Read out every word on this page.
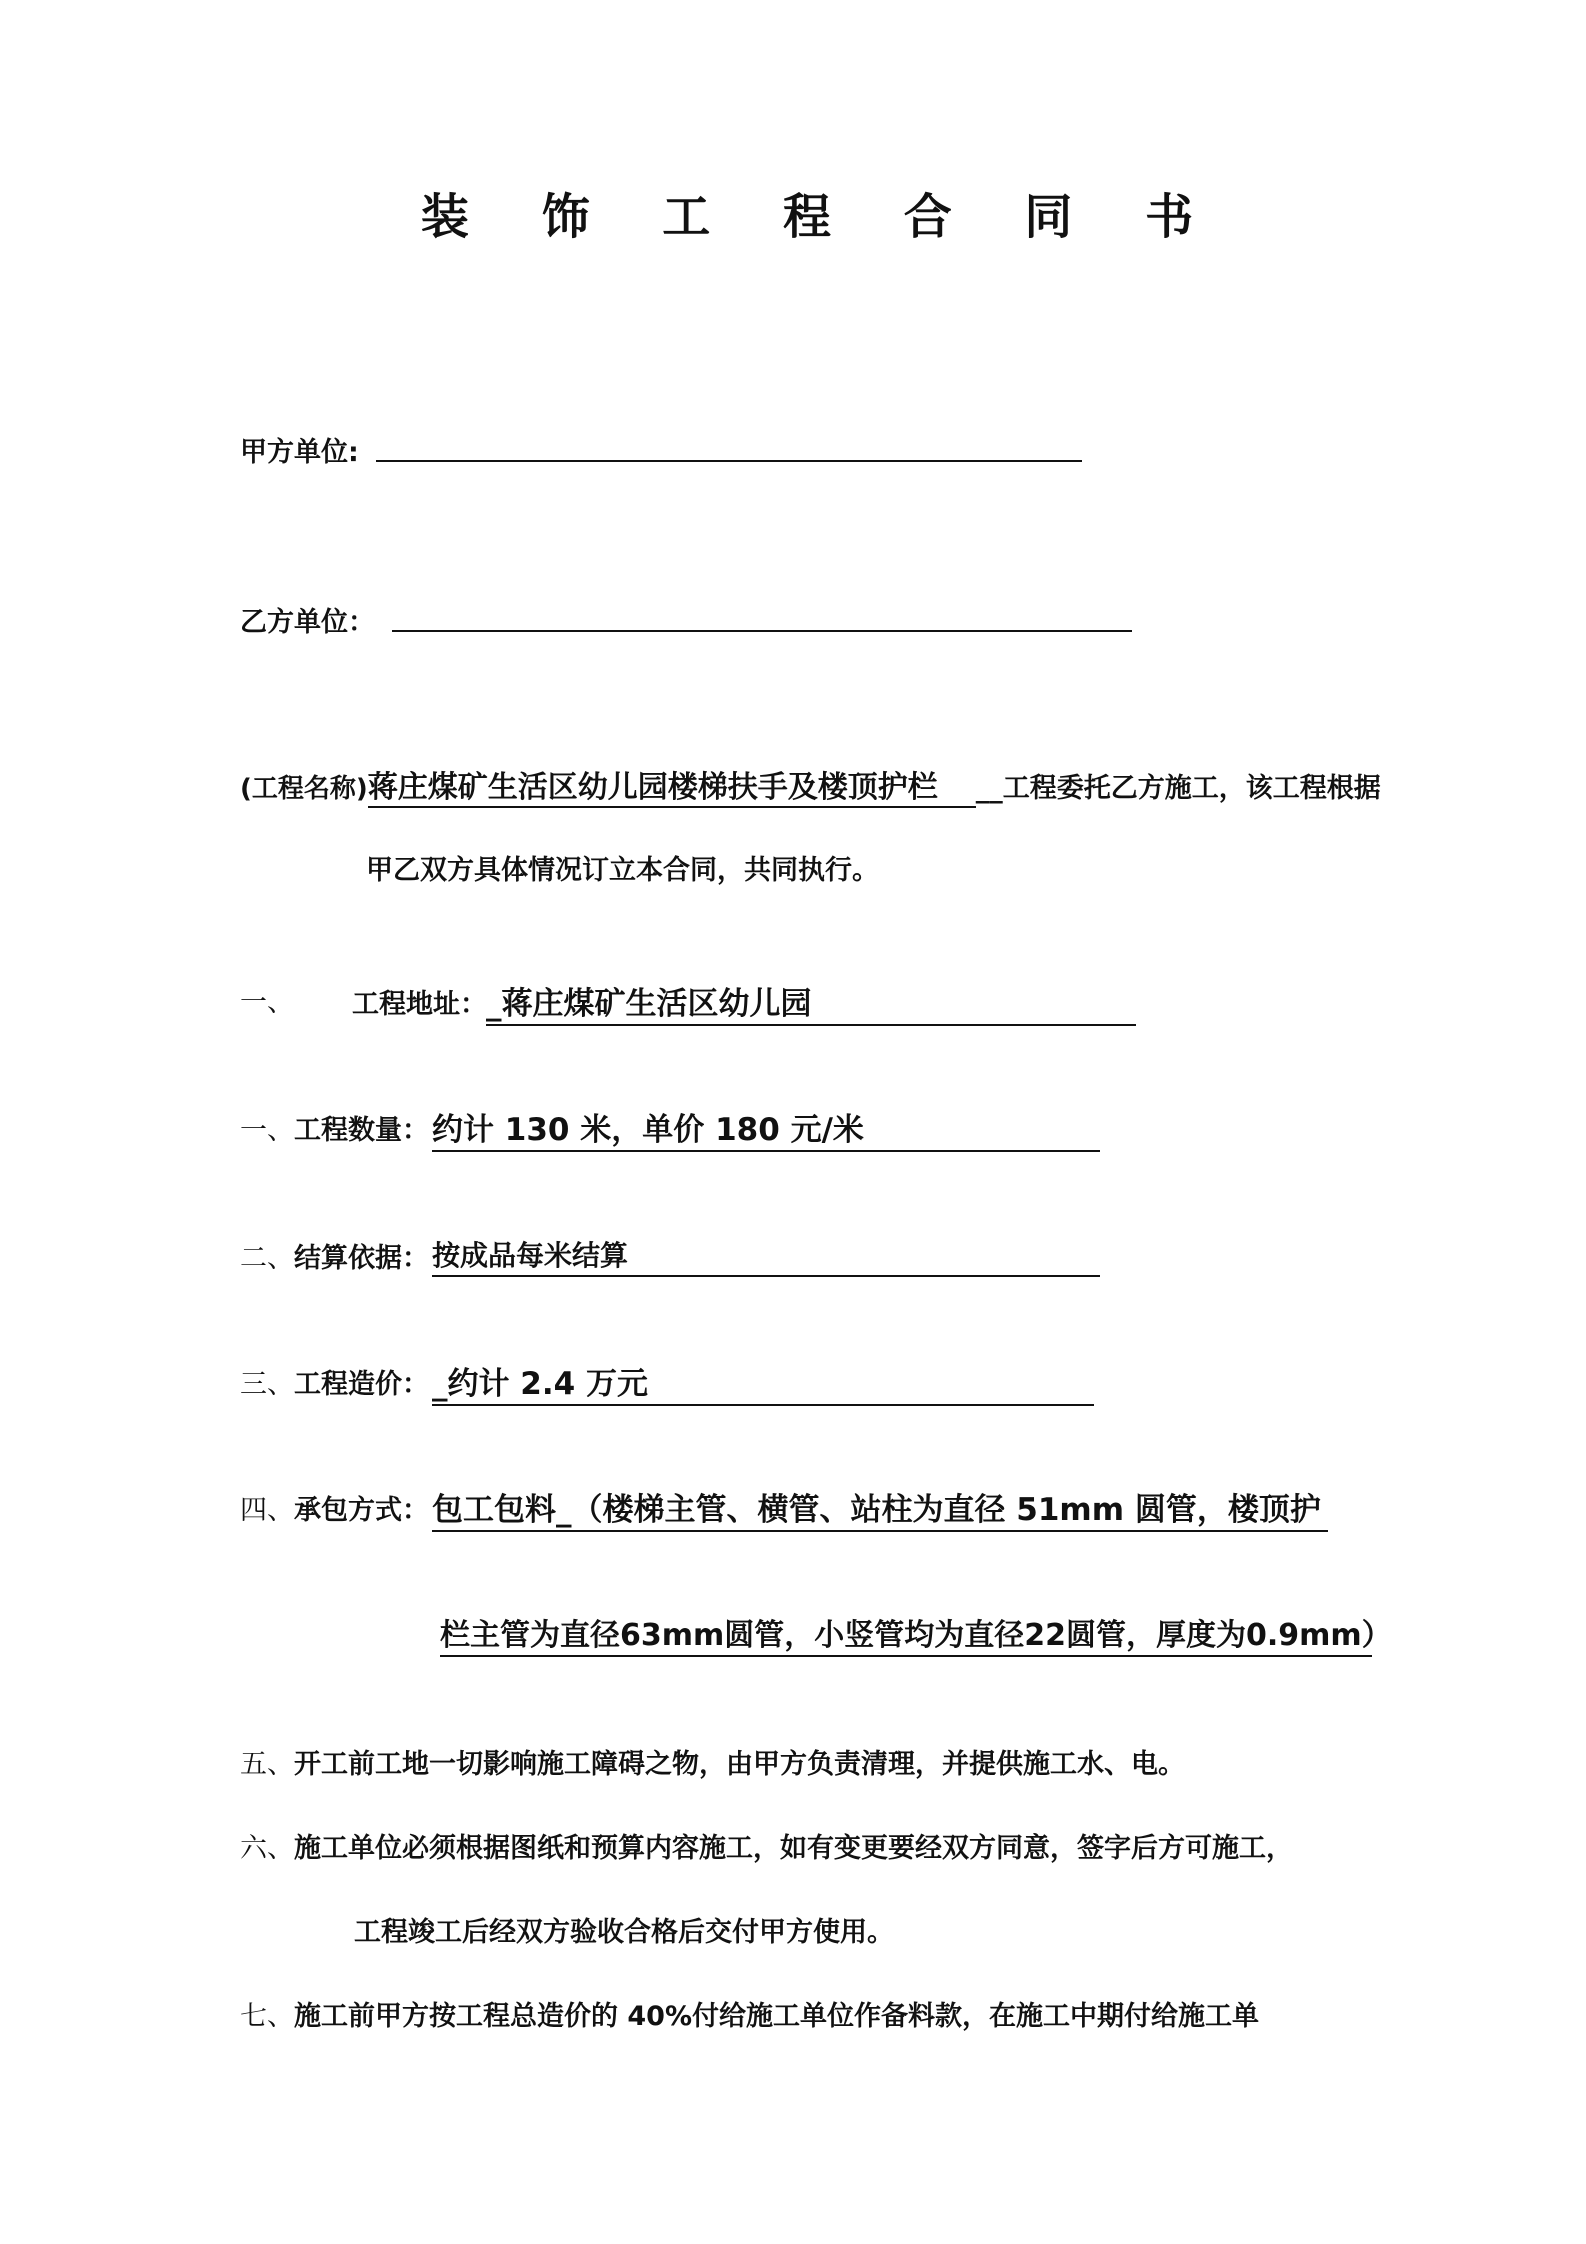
装 饰 工 程 合 同 书
甲方单位:
乙方单位：
(工程名称)蒋庄煤矿生活区幼儿园楼梯扶手及楼顶护栏 __工程委托乙方施工，该工程根据
甲乙双方具体情况订立本合同，共同执行。
一、 工程地址： _蒋庄煤矿生活区幼儿园
一、工程数量： 约计 130 米，单价 180 元/米
二、结算依据： 按成品每米结算
三、工程造价： _约计 2.4 万元
四、承包方式： 包工包料_（楼梯主管、横管、站柱为直径 51mm 圆管，楼顶护
栏主管为直径63mm圆管，小竖管均为直径22圆管，厚度为0.9mm）
五、开工前工地一切影响施工障碍之物，由甲方负责清理，并提供施工水、电。
六、施工单位必须根据图纸和预算内容施工，如有变更要经双方同意，签字后方可施工，
工程竣工后经双方验收合格后交付甲方使用。
七、施工前甲方按工程总造价的 40%付给施工单位作备料款，在施工中期付给施工单
